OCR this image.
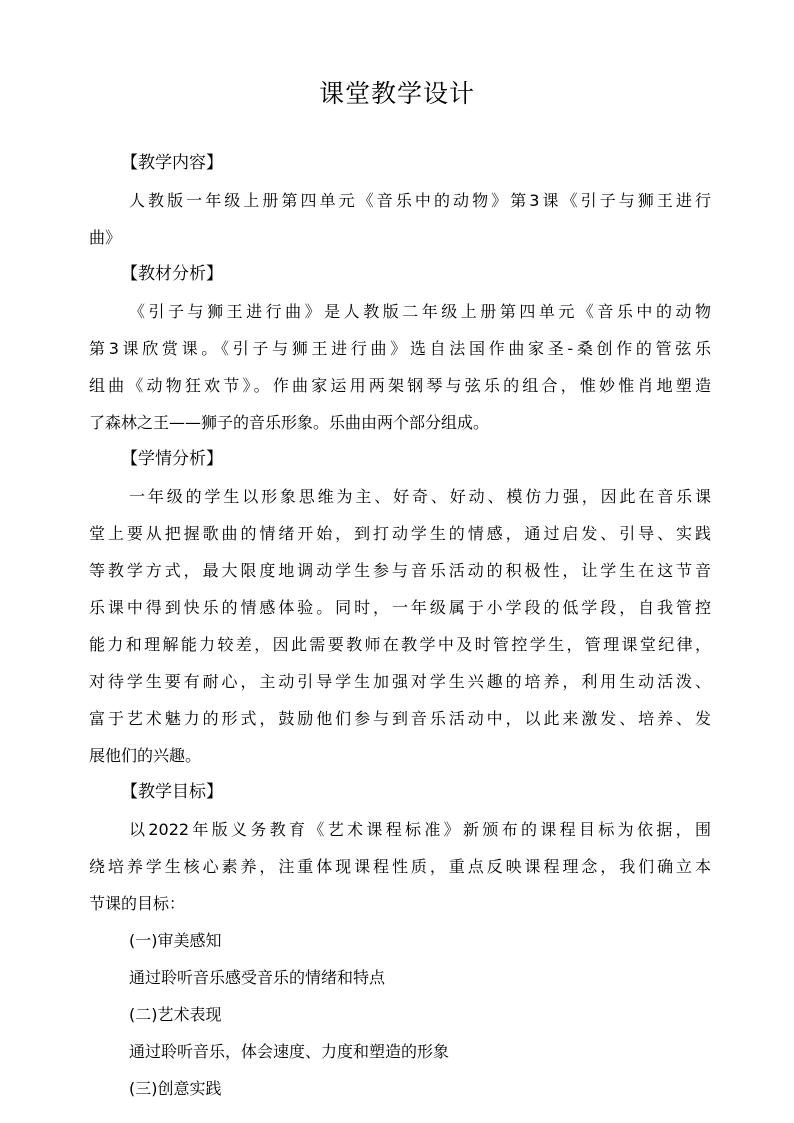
课堂教学设计
【教学内容】
人教版一年级上册第四单元《音乐中的动物》第3课《引子与狮王进行
曲》
【教材分析】
《引子与狮王进行曲》是人教版二年级上册第四单元《音乐中的动物
第3课欣赏课。《引子与狮王进行曲》选自法国作曲家圣-桑创作的管弦乐
组曲《动物狂欢节》。作曲家运用两架钢琴与弦乐的组合，惟妙惟肖地塑造
了森林之王——狮子的音乐形象。乐曲由两个部分组成。
【学情分析】
一年级的学生以形象思维为主、好奇、好动、模仿力强，因此在音乐课
堂上要从把握歌曲的情绪开始，到打动学生的情感，通过启发、引导、实践
等教学方式，最大限度地调动学生参与音乐活动的积极性，让学生在这节音
乐课中得到快乐的情感体验。同时，一年级属于小学段的低学段，自我管控
能力和理解能力较差，因此需要教师在教学中及时管控学生，管理课堂纪律，
对待学生要有耐心，主动引导学生加强对学生兴趣的培养，利用生动活泼、
富于艺术魅力的形式，鼓励他们参与到音乐活动中，以此来激发、培养、发
展他们的兴趣。
【教学目标】
以2022年版义务教育《艺术课程标准》新颁布的课程目标为依据，围
绕培养学生核心素养，注重体现课程性质，重点反映课程理念，我们确立本
节课的目标：
(一)审美感知
通过聆听音乐感受音乐的情绪和特点
(二)艺术表现
通过聆听音乐，体会速度、力度和塑造的形象
(三)创意实践
